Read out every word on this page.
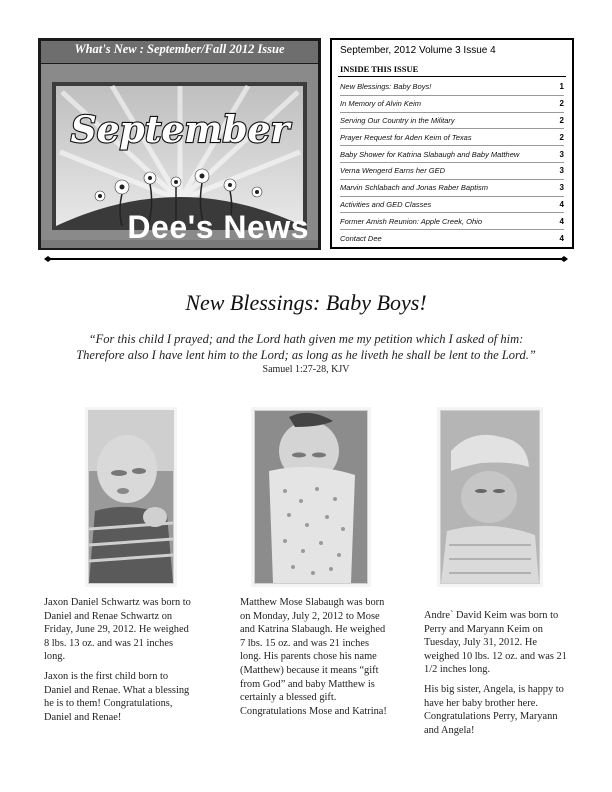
What's New : September/Fall 2012 Issue
September
Dee's News
September, 2012 Volume 3 Issue 4
INSIDE THIS ISSUE
New Blessings: Baby Boys!	1
In Memory of Alvin Keim	2
Serving Our Country in the Military	2
Prayer Request for Aden Keim of Texas	2
Baby Shower for Katrina Slabaugh and Baby Matthew	3
Verna Wengerd Earns her GED	3
Marvin Schlabach and Jonas Raber Baptism	3
Activities and GED Classes	4
Former Amish Reunion: Apple Creek, Ohio	4
Contact Dee	4
New Blessings: Baby Boys!
“For this child I prayed; and the Lord hath given me my petition which I asked of him:
Therefore also I have lent him to the Lord; as long as he liveth he shall be lent to the Lord.”
Samuel 1:27-28, KJV

Jaxon Daniel Schwartz was born to Daniel and Renae Schwartz on Friday, June 29, 2012. He weighed 8 lbs. 13 oz. and was 21 inches long.

Jaxon is the first child born to Daniel and Renae. What a blessing he is to them! Congratulations, Daniel and Renae!

Matthew Mose Slabaugh was born on Monday, July 2, 2012 to Mose and Katrina Slabaugh. He weighed 7 lbs. 15 oz. and was 21 inches long. His parents chose his name (Matthew) because it means “gift from God” and baby Matthew is certainly a blessed gift. Congratulations Mose and Katrina!

Andre` David Keim was born to Perry and Maryann Keim on Tuesday, July 31, 2012. He weighed 10 lbs. 12 oz. and was 21 1/2 inches long.

His big sister, Angela, is happy to have her baby brother here. Congratulations Perry, Maryann and Angela!
